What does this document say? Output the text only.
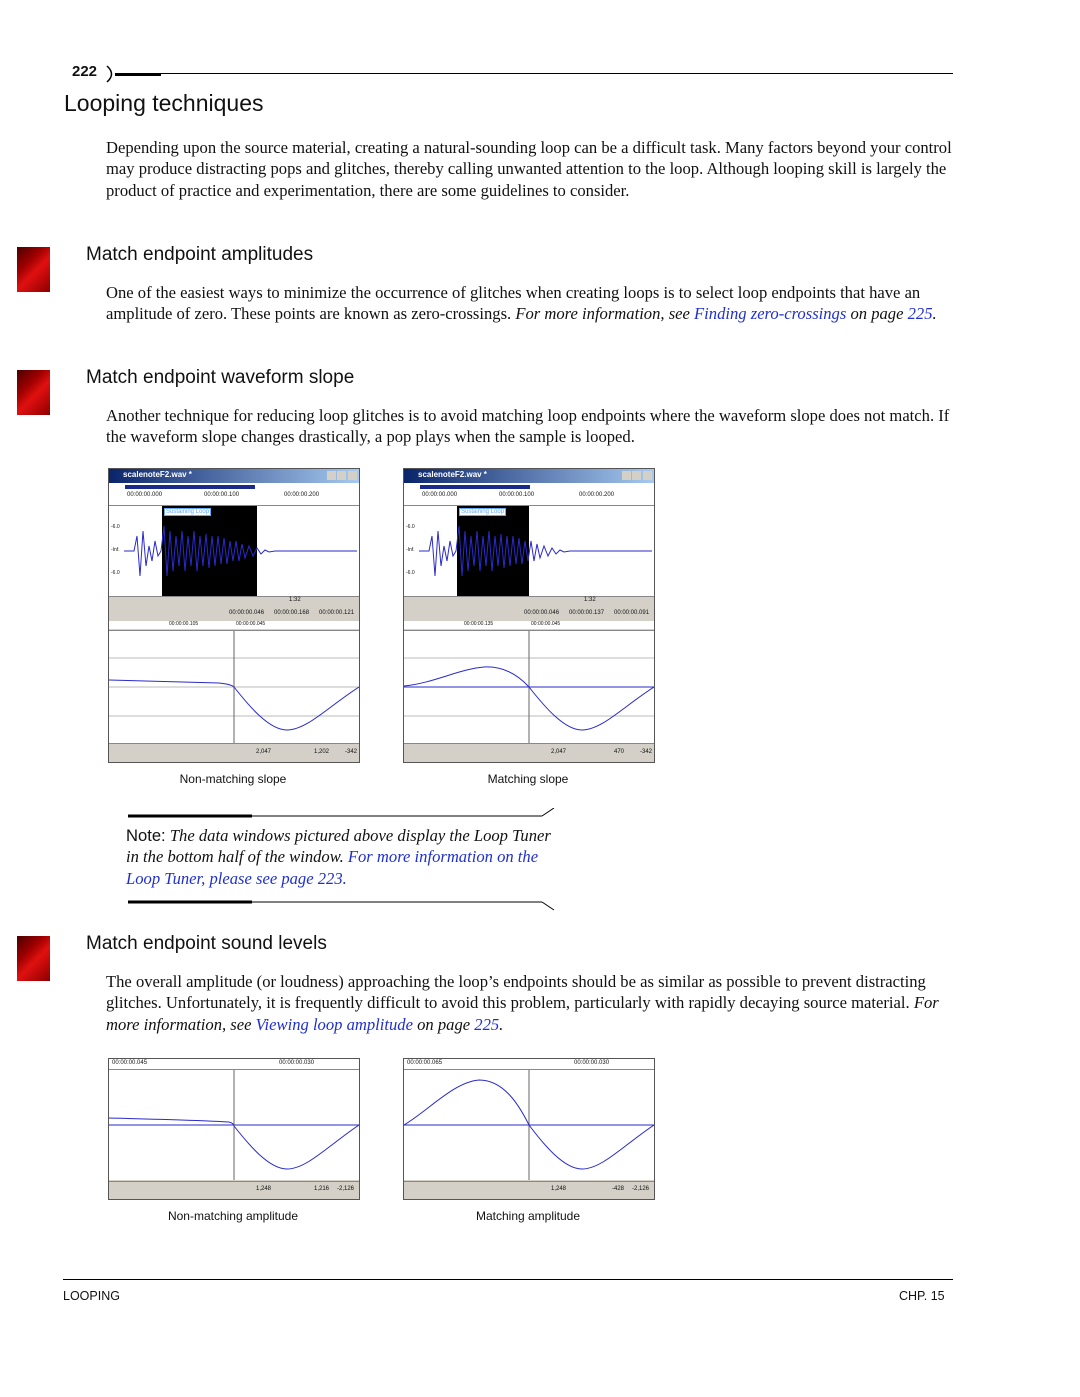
222
Looping techniques

Depending upon the source material, creating a natural-sounding loop can be a difficult task. Many factors beyond your control may produce distracting pops and glitches, thereby calling unwanted attention to the loop. Although looping skill is largely the product of practice and experimentation, there are some guidelines to consider.

Match endpoint amplitudes

One of the easiest ways to minimize the occurrence of glitches when creating loops is to select loop endpoints that have an amplitude of zero. These points are known as zero-crossings. For more information, see Finding zero-crossings on page 225.

Match endpoint waveform slope

Another technique for reducing loop glitches is to avoid matching loop endpoints where the waveform slope does not match. If the waveform slope changes drastically, a pop plays when the sample is looped.

scalenoteF2.wav *
00:00:00.000	00:00:00.100	00:00:00.200
Sustaining Loop
-6.0
-Inf.
-6.0
1:32
00:00:00.046 00:00:00.168 00:00:00.121
00:00:00.105	00:00:00.045
2,047	1,202	-342
Non-matching slope
scalenoteF2.wav *
00:00:00.000	00:00:00.100	00:00:00.200
Sustaining Loop
-6.0
-Inf.
-6.0
1:32
00:00:00.046 00:00:00.137 00:00:00.091
00:00:00.135	00:00:00.045
2,047	470	-342
Matching slope

Note: The data windows pictured above display the Loop Tuner in the bottom half of the window. For more information on the Loop Tuner, please see page 223.

Match endpoint sound levels

The overall amplitude (or loudness) approaching the loop’s endpoints should be as similar as possible to prevent distracting glitches. Unfortunately, it is frequently difficult to avoid this problem, particularly with rapidly decaying source material. For more information, see Viewing loop amplitude on page 225.

00:00:00.045	00:00:00.030
1,248	1,216 -2,126
Non-matching amplitude
00:00:00.065	00:00:00.030
1,248	-428 -2,126
Matching amplitude
LOOPING	CHP. 15
